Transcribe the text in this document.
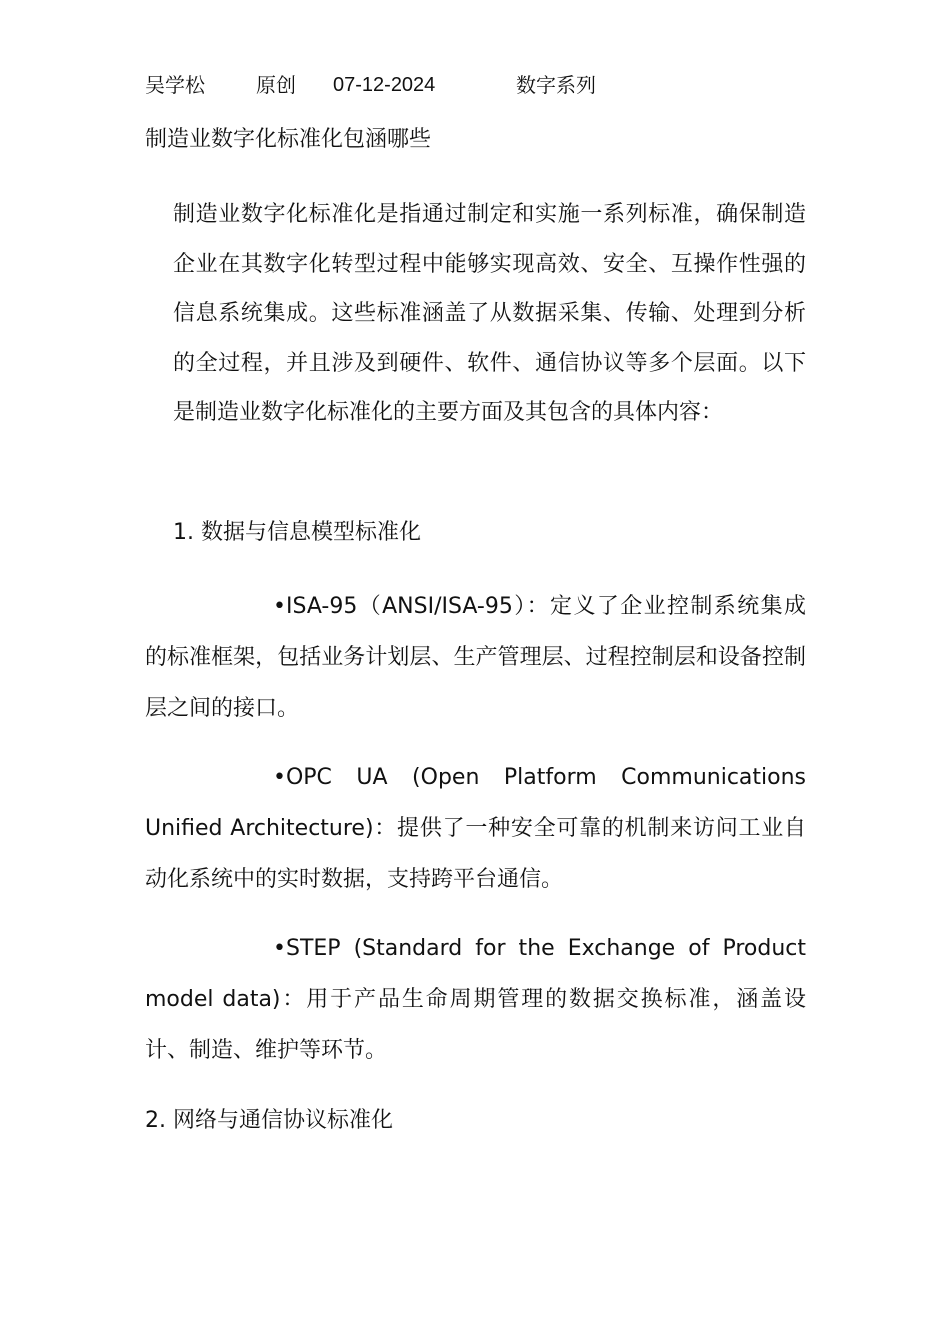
吴学松	原创 07-12-2024	数字系列
制造业数字化标准化包涵哪些

制造业数字化标准化是指通过制定和实施一系列标准，确保制造企业在其数字化转型过程中能够实现高效、安全、互操作性强的信息系统集成。这些标准涵盖了从数据采集、传输、处理到分析的全过程，并且涉及到硬件、软件、通信协议等多个层面。以下是制造业数字化标准化的主要方面及其包含的具体内容：

1. 数据与信息模型标准化

•ISA-95（ANSI/ISA-95）：定义了企业控制系统集成的标准框架，包括业务计划层、生产管理层、过程控制层和设备控制层之间的接口。

•OPC UA (Open Platform Communications Unified Architecture)：提供了一种安全可靠的机制来访问工业自动化系统中的实时数据，支持跨平台通信。

•STEP (Standard for the Exchange of Product model data)：用于产品生命周期管理的数据交换标准，涵盖设计、制造、维护等环节。

2. 网络与通信协议标准化
